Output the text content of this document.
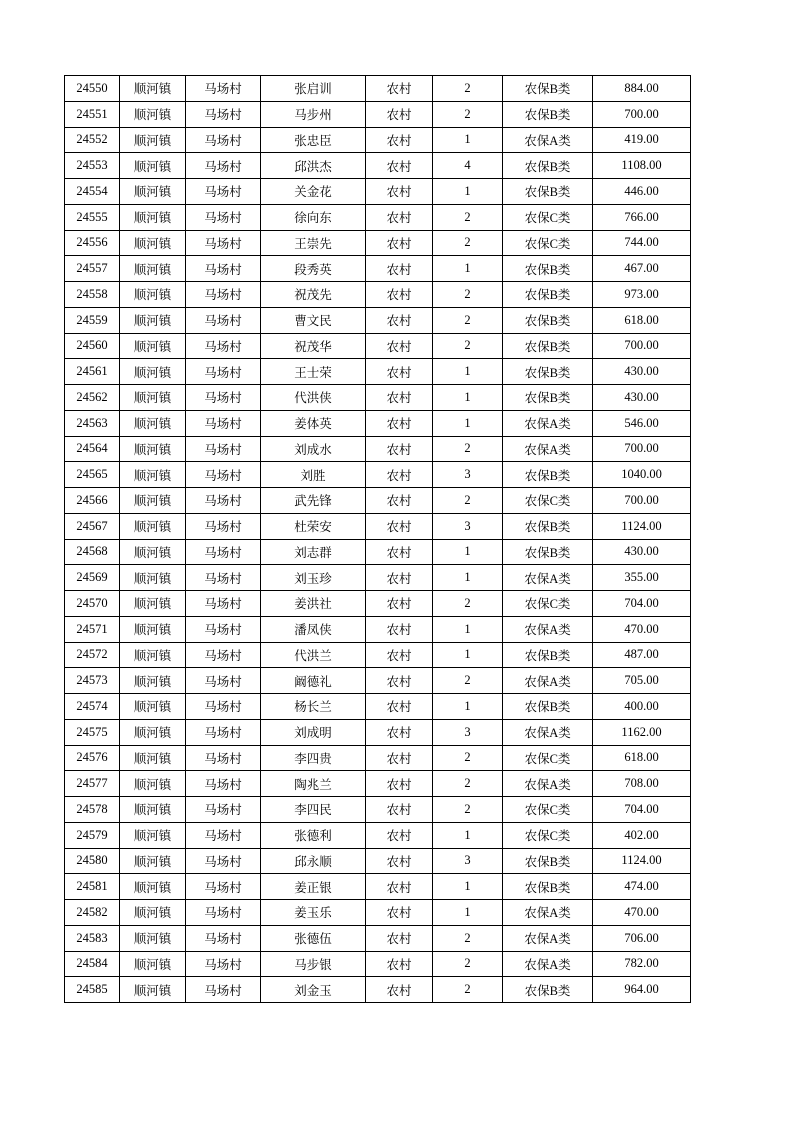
24550	顺河镇	马场村	张启训	农村	2	农保B类	884.00
24551	顺河镇	马场村	马步州	农村	2	农保B类	700.00
24552	顺河镇	马场村	张忠臣	农村	1	农保A类	419.00
24553	顺河镇	马场村	邱洪杰	农村	4	农保B类	1108.00
24554	顺河镇	马场村	关金花	农村	1	农保B类	446.00
24555	顺河镇	马场村	徐向东	农村	2	农保C类	766.00
24556	顺河镇	马场村	王崇先	农村	2	农保C类	744.00
24557	顺河镇	马场村	段秀英	农村	1	农保B类	467.00
24558	顺河镇	马场村	祝茂先	农村	2	农保B类	973.00
24559	顺河镇	马场村	曹文民	农村	2	农保B类	618.00
24560	顺河镇	马场村	祝茂华	农村	2	农保B类	700.00
24561	顺河镇	马场村	王士荣	农村	1	农保B类	430.00
24562	顺河镇	马场村	代洪侠	农村	1	农保B类	430.00
24563	顺河镇	马场村	姜体英	农村	1	农保A类	546.00
24564	顺河镇	马场村	刘成水	农村	2	农保A类	700.00
24565	顺河镇	马场村	刘胜	农村	3	农保B类	1040.00
24566	顺河镇	马场村	武先锋	农村	2	农保C类	700.00
24567	顺河镇	马场村	杜荣安	农村	3	农保B类	1124.00
24568	顺河镇	马场村	刘志群	农村	1	农保B类	430.00
24569	顺河镇	马场村	刘玉珍	农村	1	农保A类	355.00
24570	顺河镇	马场村	姜洪社	农村	2	农保C类	704.00
24571	顺河镇	马场村	潘凤侠	农村	1	农保A类	470.00
24572	顺河镇	马场村	代洪兰	农村	1	农保B类	487.00
24573	顺河镇	马场村	阚德礼	农村	2	农保A类	705.00
24574	顺河镇	马场村	杨长兰	农村	1	农保B类	400.00
24575	顺河镇	马场村	刘成明	农村	3	农保A类	1162.00
24576	顺河镇	马场村	李四贵	农村	2	农保C类	618.00
24577	顺河镇	马场村	陶兆兰	农村	2	农保A类	708.00
24578	顺河镇	马场村	李四民	农村	2	农保C类	704.00
24579	顺河镇	马场村	张德利	农村	1	农保C类	402.00
24580	顺河镇	马场村	邱永顺	农村	3	农保B类	1124.00
24581	顺河镇	马场村	姜正银	农村	1	农保B类	474.00
24582	顺河镇	马场村	姜玉乐	农村	1	农保A类	470.00
24583	顺河镇	马场村	张德伍	农村	2	农保A类	706.00
24584	顺河镇	马场村	马步银	农村	2	农保A类	782.00
24585	顺河镇	马场村	刘金玉	农村	2	农保B类	964.00
